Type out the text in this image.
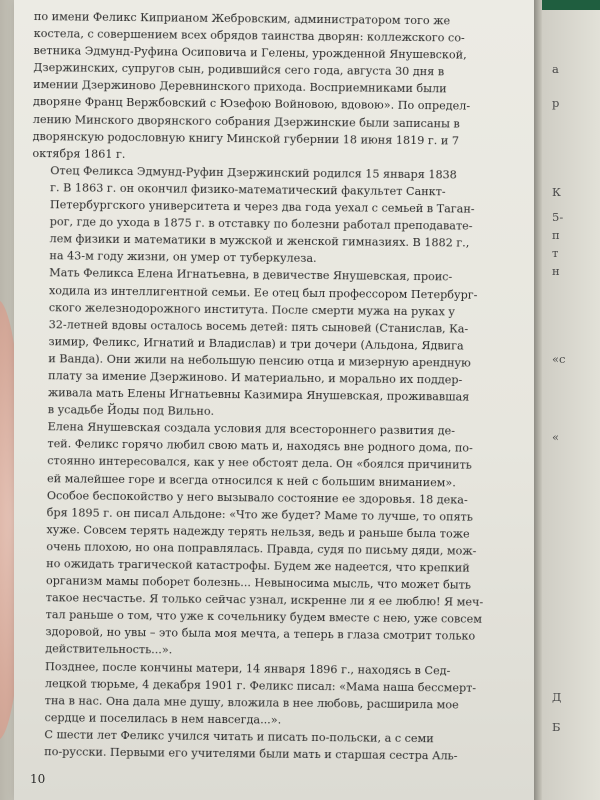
а
р
К
5-
п
т
н
«с
«
Д
Б

по имени Феликс Киприаном Жебровским, администратором того же
костела, с совершением всех обрядов таинства дворян: коллежского со-
ветника Эдмунд-Руфина Осиповича и Гелены, урожденной Янушевской,
Дзержинских, супругов сын, родившийся сего года, августа 30 дня в
имении Дзержиново Деревнинского прихода. Восприемниками были
дворяне Франц Вержбовский с Юзефою Войновою, вдовою». По определ-
лению Минского дворянского собрания Дзержинские были записаны в
дворянскую родословную книгу Минской губернии 18 июня 1819 г. и 7
октября 1861 г.

Отец Феликса Эдмунд-Руфин Дзержинский родился 15 января 1838
г. В 1863 г. он окончил физико-математический факультет Санкт-
Петербургского университета и через два года уехал с семьей в Таган-
рог, где до ухода в 1875 г. в отставку по болезни работал преподавате-
лем физики и математики в мужской и женской гимназиях. В 1882 г.,
на 43-м году жизни, он умер от туберкулеза.

Мать Феликса Елена Игнатьевна, в девичестве Янушевская, проис-
ходила из интеллигентной семьи. Ее отец был профессором Петербург-
ского железнодорожного института. После смерти мужа на руках у
32-летней вдовы осталось восемь детей: пять сыновей (Станислав, Ка-
зимир, Феликс, Игнатий и Владислав) и три дочери (Альдона, Ядвига
и Ванда). Они жили на небольшую пенсию отца и мизерную арендную
плату за имение Дзержиново. И материально, и морально их поддер-
живала мать Елены Игнатьевны Казимира Янушевская, проживавшая
в усадьбе Йоды под Вильно.

Елена Янушевская создала условия для всестороннего развития де-
тей. Феликс горячо любил свою мать и, находясь вне родного дома, по-
стоянно интересовался, как у нее обстоят дела. Он «боялся причинить
ей малейшее горе и всегда относился к ней с большим вниманием».
Особое беспокойство у него вызывало состояние ее здоровья. 18 дека-
бря 1895 г. он писал Альдоне: «Что же будет? Маме то лучше, то опять
хуже. Совсем терять надежду терять нельзя, ведь и раньше была тоже
очень плохою, но она поправлялась. Правда, судя по письму дяди, мож-
но ожидать трагической катастрофы. Будем же надеется, что крепкий
организм мамы поборет болезнь... Невыносима мысль, что может быть
такое несчастье. Я только сейчас узнал, искренне ли я ее люблю! Я меч-
тал раньше о том, что уже к сочельнику будем вместе с нею, уже совсем
здоровой, но увы – это была моя мечта, а теперь в глаза смотрит только
действительность...».

Позднее, после кончины матери, 14 января 1896 г., находясь в Сед-
лецкой тюрьме, 4 декабря 1901 г. Феликс писал: «Мама наша бессмерт-
тна в нас. Она дала мне душу, вложила в нее любовь, расширила мое
сердце и поселилась в нем навсегда...».

С шести лет Феликс учился читать и писать по-польски, а с семи
по-русски. Первыми его учителями были мать и старшая сестра Аль-

10
